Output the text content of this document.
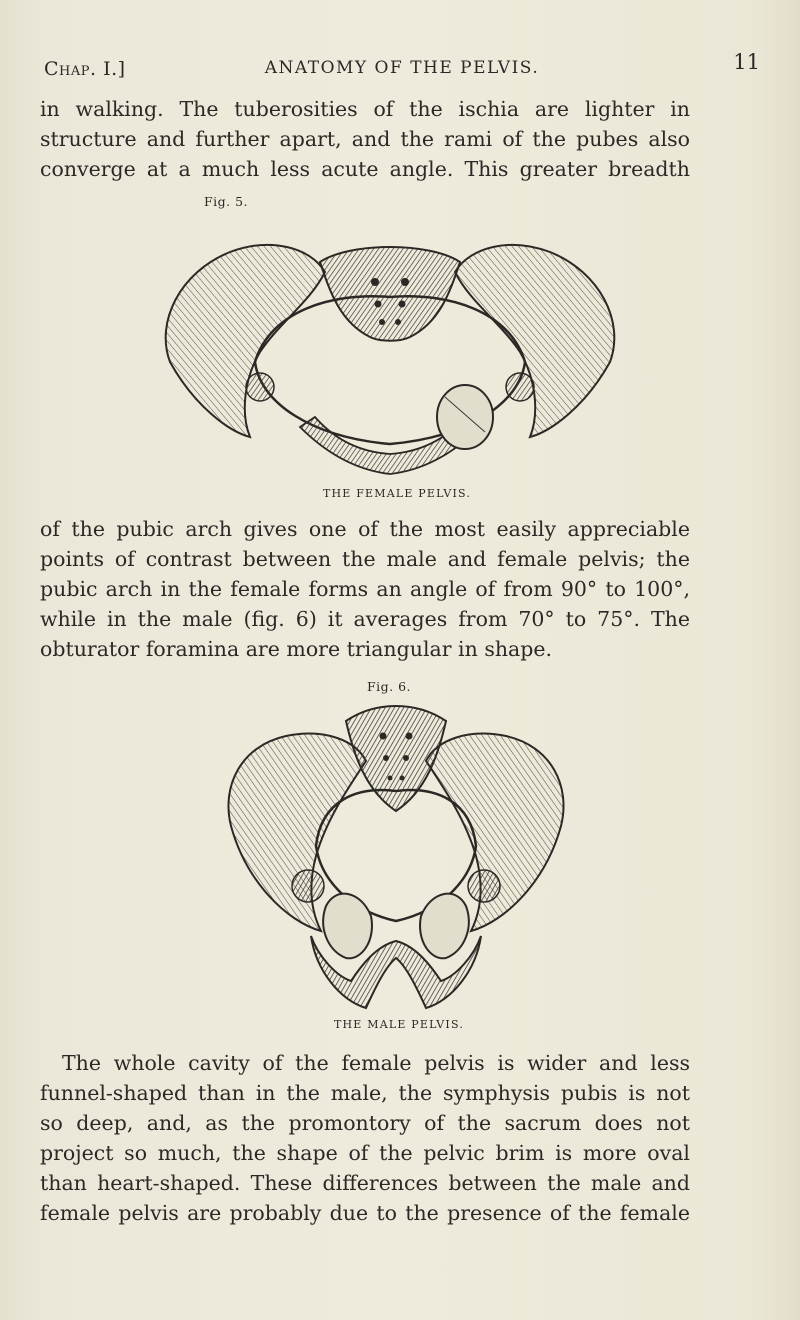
Chap. I.]	ANATOMY OF THE PELVIS.	11
in walking. The tuberosities of the ischia are lighter in
structure and further apart, and the rami of the pubes also
converge at a much less acute angle. This greater breadth
Fig. 5.
THE FEMALE PELVIS.
of the pubic arch gives one of the most easily appreciable
points of contrast between the male and female pelvis; the
pubic arch in the female forms an angle of from 90° to 100°,
while in the male (fig. 6) it averages from 70° to 75°. The
obturator foramina are more triangular in shape.
Fig. 6.
THE MALE PELVIS.
The whole cavity of the female pelvis is wider and less
funnel-shaped than in the male, the symphysis pubis is not
so deep, and, as the promontory of the sacrum does not
project so much, the shape of the pelvic brim is more oval
than heart-shaped. These differences between the male and
female pelvis are probably due to the presence of the female
